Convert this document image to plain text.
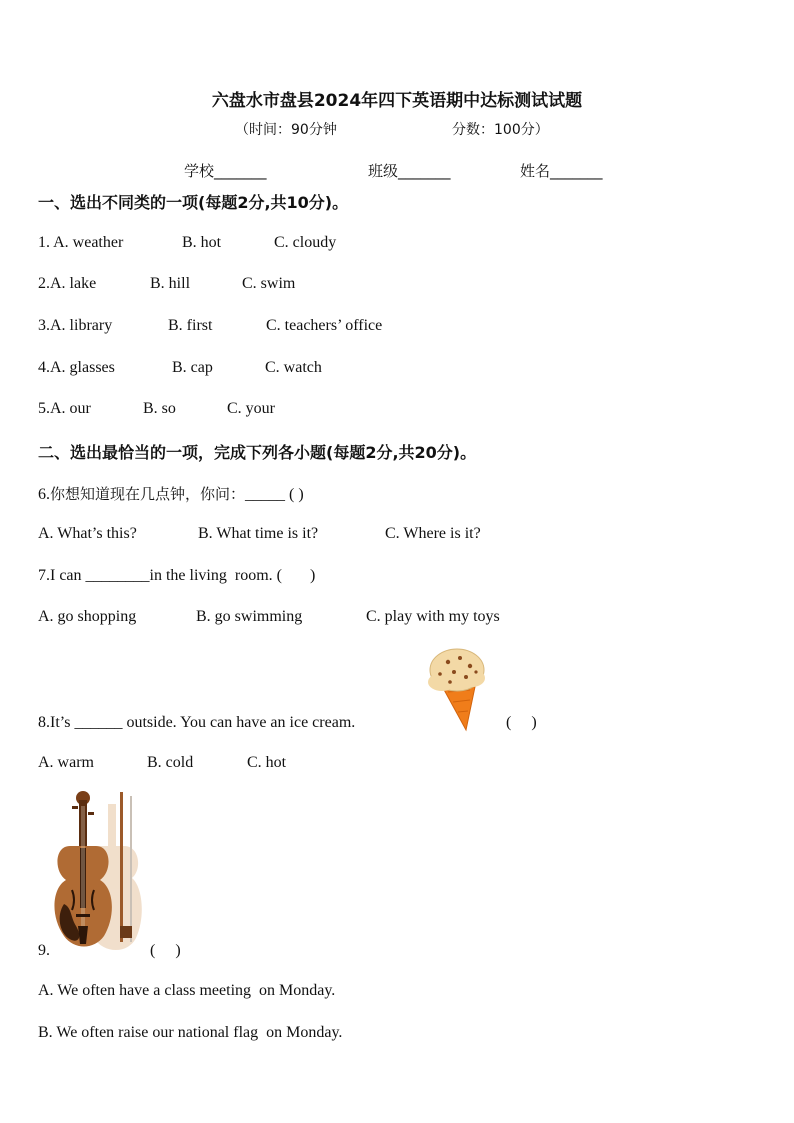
六盘水市盘县2024年四下英语期中达标测试试题
（时间：90分钟	分数：100分）
学校_______	班级_______	姓名_______
一、选出不同类的一项(每题2分,共10分)。
1. A. weather	B. hot	C. cloudy
2.A. lake	B. hill	C. swim
3.A. library	B. first	C. teachers’ office
4.A. glasses	B. cap	C. watch
5.A. our	B. so	C. your
二、选出最恰当的一项，完成下列各小题(每题2分,共20分)。
6.你想知道现在几点钟，你问：_____ ( )
A. What’s this?	B. What time is it?	C. Where is it?
7.I can ________in the living  room. (       )
A. go shopping	B. go swimming	C. play with my toys
8.It’s ______ outside. You can have an ice cream.	(     )
A. warm	B. cold	C. hot
9.	(     )
A. We often have a class meeting  on Monday.
B. We often raise our national flag  on Monday.
